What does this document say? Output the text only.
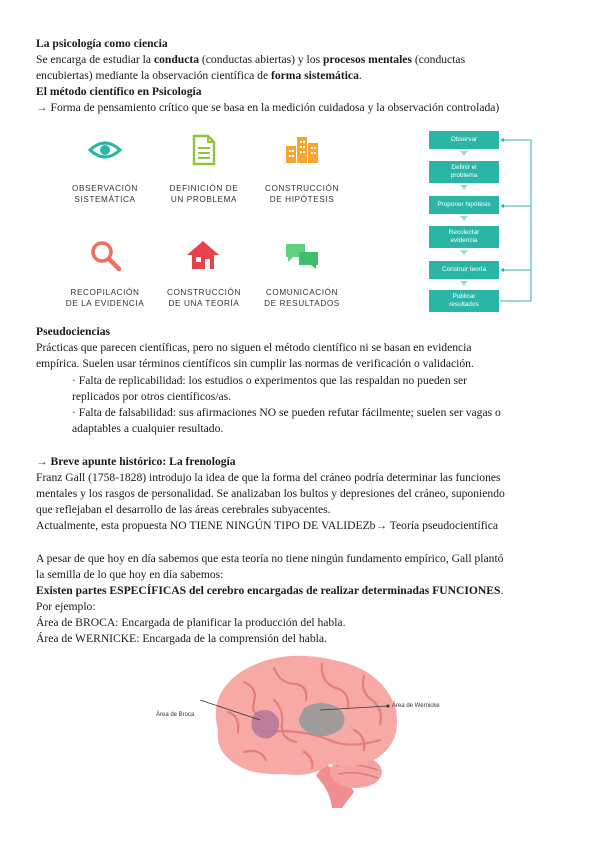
La psicología como ciencia
Se encarga de estudiar la conducta (conductas abiertas) y los procesos mentales (conductas
encubiertas) mediante la observación científica de forma sistemática.
El método científico en Psicología
→ Forma de pensamiento crítico que se basa en la medición cuidadosa y la observación controlada)
OBSERVACIÓN
SISTEMÁTICA
DEFINICIÓN DE
UN PROBLEMA
CONSTRUCCIÓN
DE HIPÓTESIS
RECOPILACIÓN
DE LA EVIDENCIA
CONSTRUCCIÓN
DE UNA TEORÍA
COMUNICACIÓN
DE RESULTADOS
Observar
Definir el
problema
Proponer hipótesis
Recolectar
evidencia
Construir teoría
Publicar
resultados
Pseudociencias
Prácticas que parecen científicas, pero no siguen el método científico ni se basan en evidencia
empírica. Suelen usar términos científicos sin cumplir las normas de verificación o validación.
· Falta de replicabilidad: los estudios o experimentos que las respaldan no pueden ser
replicados por otros científicos/as.
· Falta de falsabilidad: sus afirmaciones NO se pueden refutar fácilmente; suelen ser vagas o
adaptables a cualquier resultado.
→ Breve apunte histórico: La frenología
Franz Gall (1758-1828) introdujo la idea de que la forma del cráneo podría determinar las funciones
mentales y los rasgos de personalidad. Se analizaban los bultos y depresiones del cráneo, suponiendo
que reflejaban el desarrollo de las áreas cerebrales subyacentes.
Actualmente, esta propuesta NO TIENE NINGÚN TIPO DE VALIDEZb→ Teoría pseudocientífica
A pesar de que hoy en día sabemos que esta teoría no tiene ningún fundamento empírico, Gall plantó
la semilla de lo que hoy en día sabemos:
Existen partes ESPECÍFICAS del cerebro encargadas de realizar determinadas FUNCIONES.
Por ejemplo:
Área de BROCA: Encargada de planificar la producción del habla.
Área de WERNICKE: Encargada de la comprensión del habla.
Área de Broca
Área de Wernicke
